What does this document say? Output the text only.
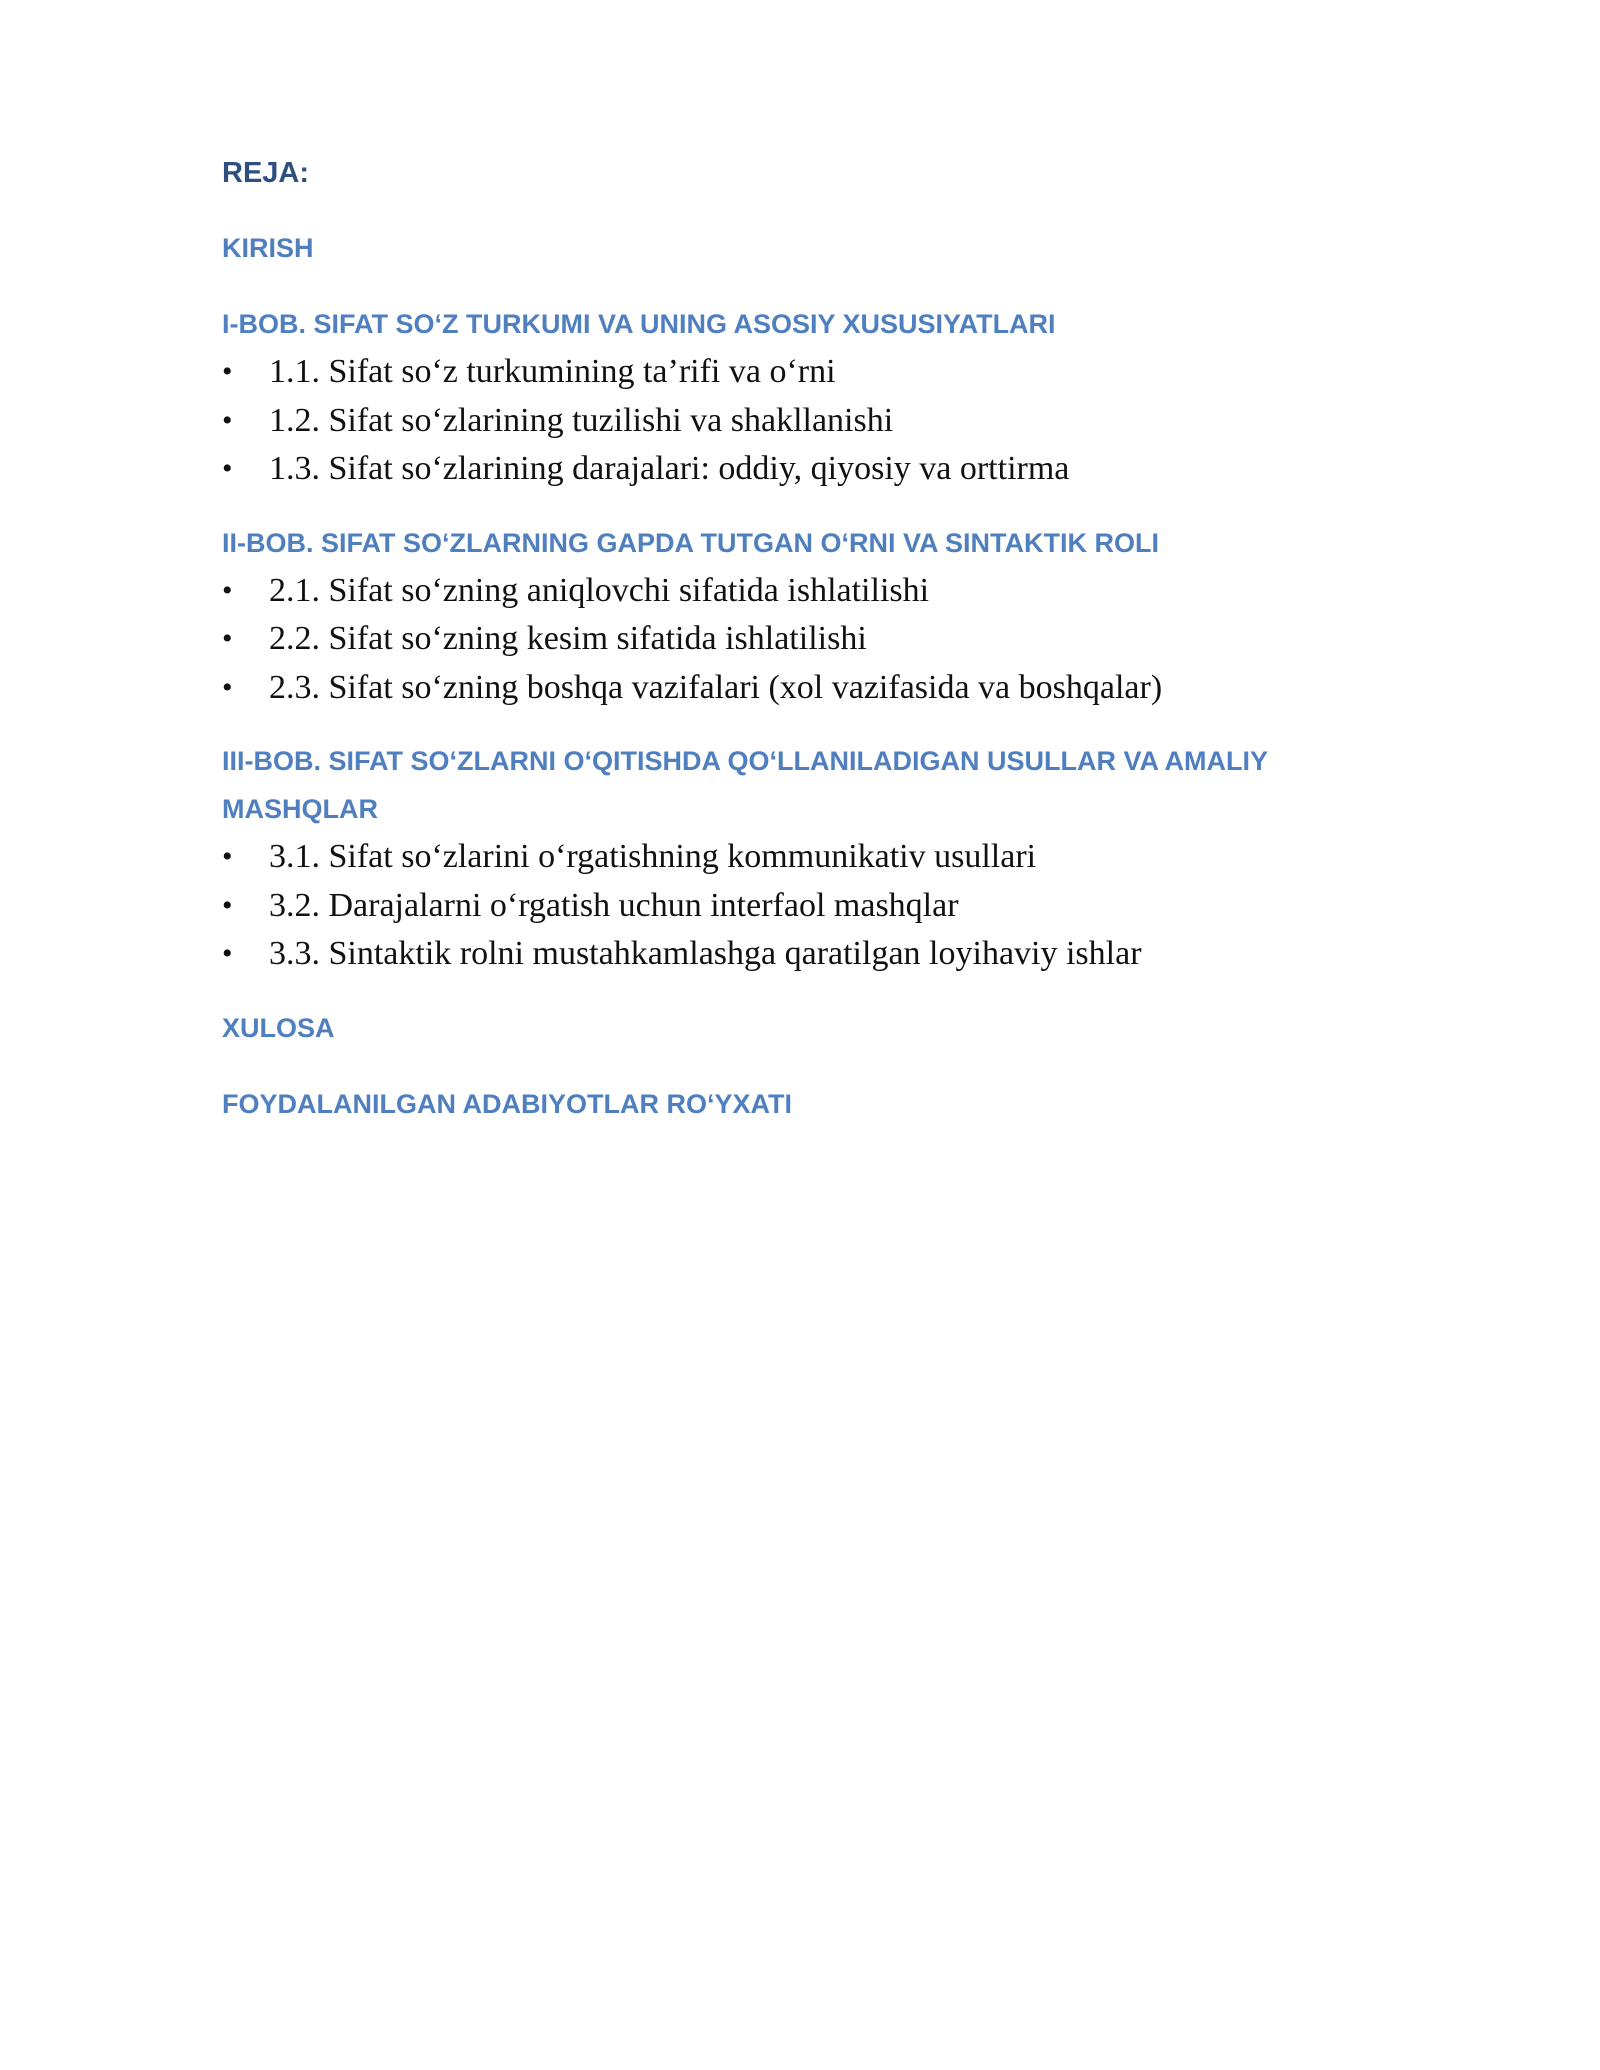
REJA:
KIRISH
I-BOB. SIFAT SO‘Z TURKUMI VA UNING ASOSIY XUSUSIYATLARI
• 1.1. Sifat so‘z turkumining ta’rifi va o‘rni
• 1.2. Sifat so‘zlarining tuzilishi va shakllanishi
• 1.3. Sifat so‘zlarining darajalari: oddiy, qiyosiy va orttirma
II-BOB. SIFAT SO‘ZLARNING GAPDA TUTGAN O‘RNI VA SINTAKTIK ROLI
• 2.1. Sifat so‘zning aniqlovchi sifatida ishlatilishi
• 2.2. Sifat so‘zning kesim sifatida ishlatilishi
• 2.3. Sifat so‘zning boshqa vazifalari (xol vazifasida va boshqalar)
III-BOB. SIFAT SO‘ZLARNI O‘QITISHDA QO‘LLANILADIGAN USULLAR VA AMALIY
MASHQLAR
• 3.1. Sifat so‘zlarini o‘rgatishning kommunikativ usullari
• 3.2. Darajalarni o‘rgatish uchun interfaol mashqlar
• 3.3. Sintaktik rolni mustahkamlashga qaratilgan loyihaviy ishlar
XULOSA
FOYDALANILGAN ADABIYOTLAR RO‘YXATI
